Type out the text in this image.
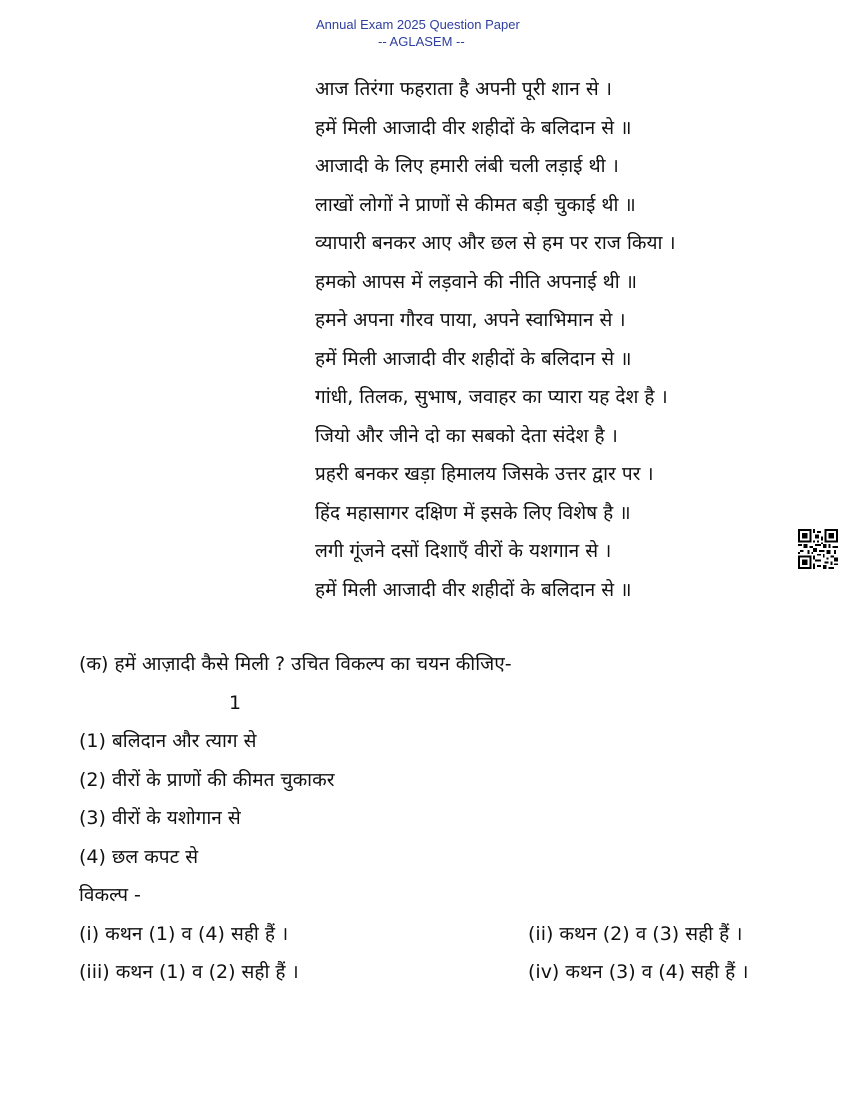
Annual Exam 2025 Question Paper
-- AGLASEM --
आज तिरंगा फहराता है अपनी पूरी शान से ।
हमें मिली आजादी वीर शहीदों के बलिदान से ॥
आजादी के लिए हमारी लंबी चली लड़ाई थी ।
लाखों लोगों ने प्राणों से कीमत बड़ी चुकाई थी ॥
व्यापारी बनकर आए और छल से हम पर राज किया ।
हमको आपस में लड़वाने की नीति अपनाई थी ॥
हमने अपना गौरव पाया, अपने स्वाभिमान से ।
हमें मिली आजादी वीर शहीदों के बलिदान से ॥
गांधी, तिलक, सुभाष, जवाहर का प्यारा यह देश है ।
जियो और जीने दो का सबको देता संदेश है ।
प्रहरी बनकर खड़ा हिमालय जिसके उत्तर द्वार पर ।
हिंद महासागर दक्षिण में इसके लिए विशेष है ॥
लगी गूंजने दसों दिशाएँ वीरों के यशगान से ।
हमें मिली आजादी वीर शहीदों के बलिदान से ॥
(क) हमें आज़ादी कैसे मिली ? उचित विकल्प का चयन कीजिए-
1
(1) बलिदान और त्याग से
(2) वीरों के प्राणों की कीमत चुकाकर
(3) वीरों के यशोगान से
(4) छल कपट से
विकल्प -
(i) कथन (1) व (4) सही हैं ।	(ii) कथन (2) व (3) सही हैं ।
(iii) कथन (1) व (2) सही हैं ।	(iv) कथन (3) व (4) सही हैं ।
